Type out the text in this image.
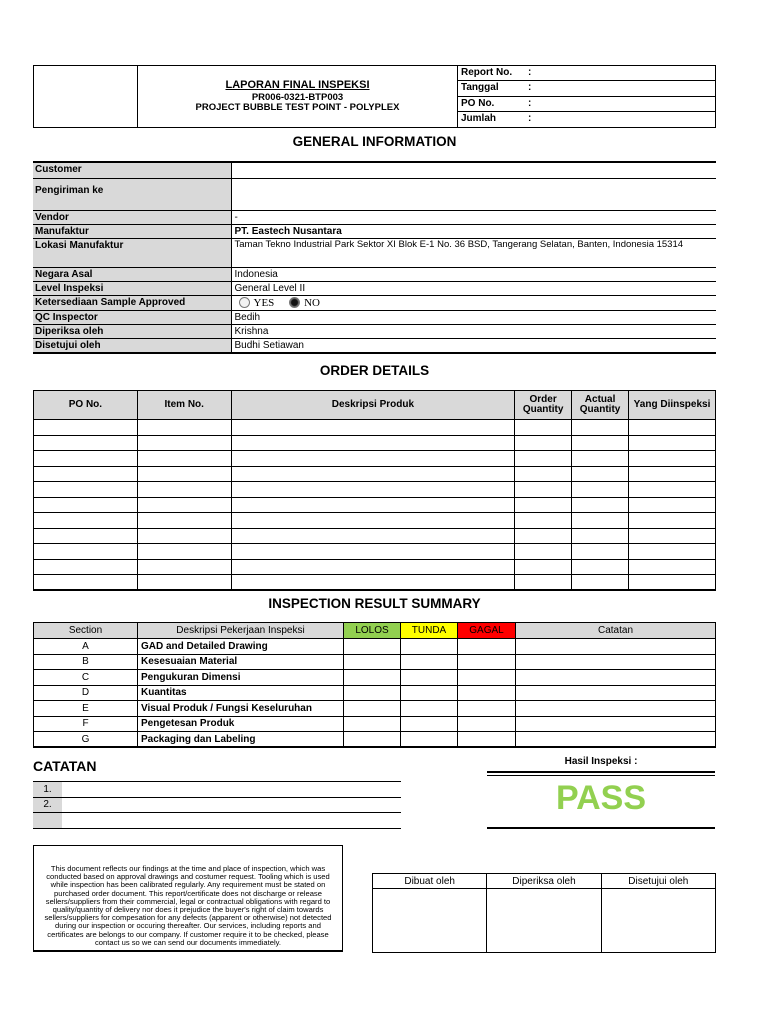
LAPORAN FINAL INSPEKSI
PR006-0321-BTP003
PROJECT BUBBLE TEST POINT - POLYPLEX
Report No. :
Tanggal	:
PO No.	:
Jumlah	:
GENERAL INFORMATION
Customer	
Pengiriman ke	
Vendor	-
Manufaktur	PT. Eastech Nusantara
Lokasi Manufaktur	Taman Tekno Industrial Park Sektor XI Blok E-1 No. 36 BSD, Tangerang Selatan, Banten, Indonesia 15314
Negara Asal	Indonesia
Level Inspeksi	General Level II
Ketersediaan Sample Approved	YES NO
QC Inspector	Bedih
Diperiksa oleh	Krishna
Disetujui oleh	Budhi Setiawan
ORDER DETAILS
PO No.	Item No.	Deskripsi Produk	Order Quantity	Actual Quantity	Yang Diinspeksi

INSPECTION RESULT SUMMARY
Section	Deskripsi Pekerjaan Inspeksi	LOLOS	TUNDA	GAGAL	Catatan
A	GAD and Detailed Drawing				
B	Kesesuaian Material				
C	Pengukuran Dimensi				
D	Kuantitas				
E	Visual Produk / Fungsi Keseluruhan				
F	Pengetesan Produk				
G	Packaging dan Labeling				
CATATAN
1.	
2.	

Hasil Inspeksi :
PASS
This document reflects our findings at the time and place of inspection, which was conducted based on approval drawings and costumer request. Tooling which is used while inspection has been calibrated regularly. Any requirement must be stated on purchased order document. This report/certificate does not discharge or release sellers/suppliers from their commercial, legal or contractual obligations with regard to quality/quantity of delivery nor does it prejudice the buyer's right of claim towards sellers/suppliers for compesation for any defects (apparent or otherwise) not detected during our inspection or occuring thereafter. Our services, including reports and certificates are belongs to our company. If customer require it to be checked, please contact us so we can send our documents immediately.
Dibuat oleh	Diperiksa oleh	Disetujui oleh
